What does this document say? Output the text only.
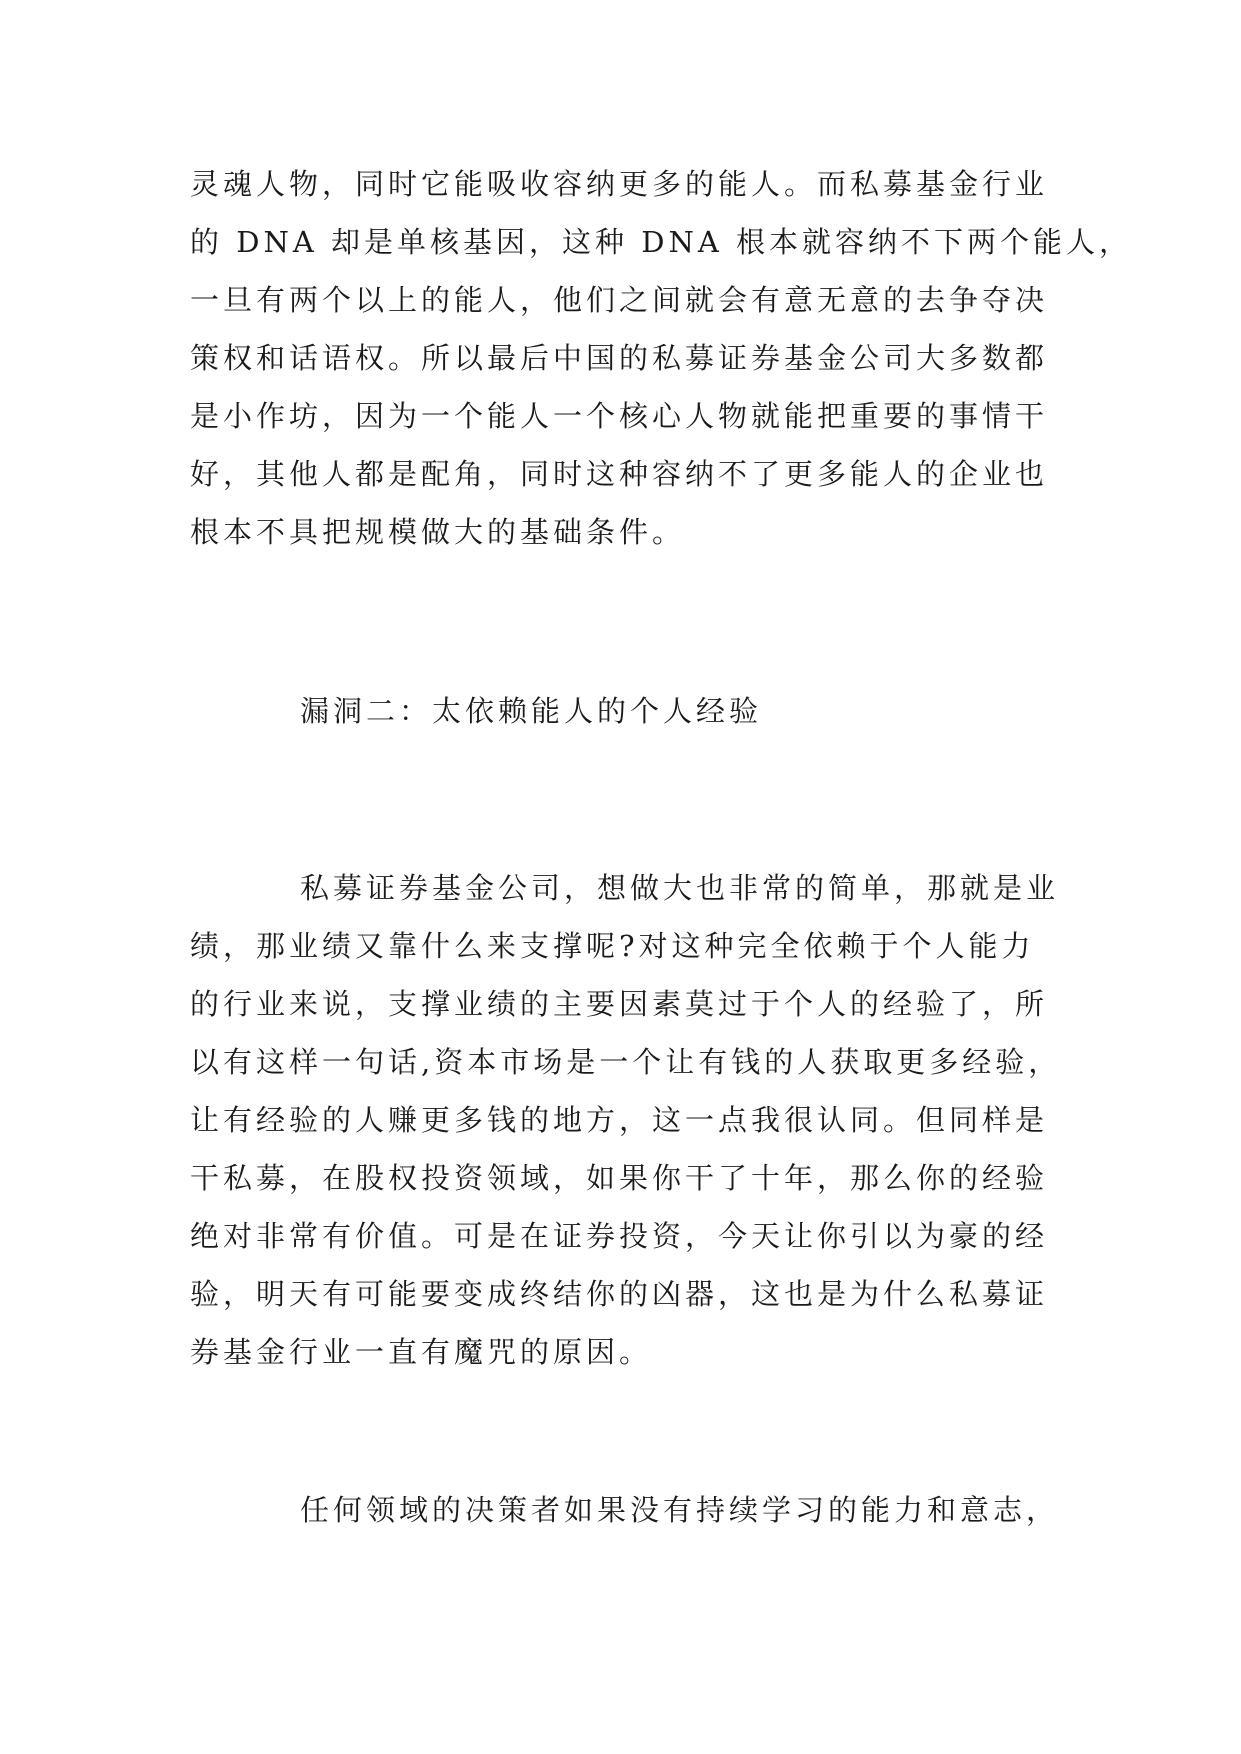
灵魂人物，同时它能吸收容纳更多的能人。而私募基金行业
的 DNA 却是单核基因，这种 DNA 根本就容纳不下两个能人，
一旦有两个以上的能人，他们之间就会有意无意的去争夺决
策权和话语权。所以最后中国的私募证券基金公司大多数都
是小作坊，因为一个能人一个核心人物就能把重要的事情干
好，其他人都是配角，同时这种容纳不了更多能人的企业也
根本不具把规模做大的基础条件。
漏洞二：太依赖能人的个人经验
私募证券基金公司，想做大也非常的简单，那就是业
绩，那业绩又靠什么来支撑呢?对这种完全依赖于个人能力
的行业来说，支撑业绩的主要因素莫过于个人的经验了，所
以有这样一句话,资本市场是一个让有钱的人获取更多经验，
让有经验的人赚更多钱的地方，这一点我很认同。但同样是
干私募，在股权投资领域，如果你干了十年，那么你的经验
绝对非常有价值。可是在证券投资，今天让你引以为豪的经
验，明天有可能要变成终结你的凶器，这也是为什么私募证
券基金行业一直有魔咒的原因。
任何领域的决策者如果没有持续学习的能力和意志，
